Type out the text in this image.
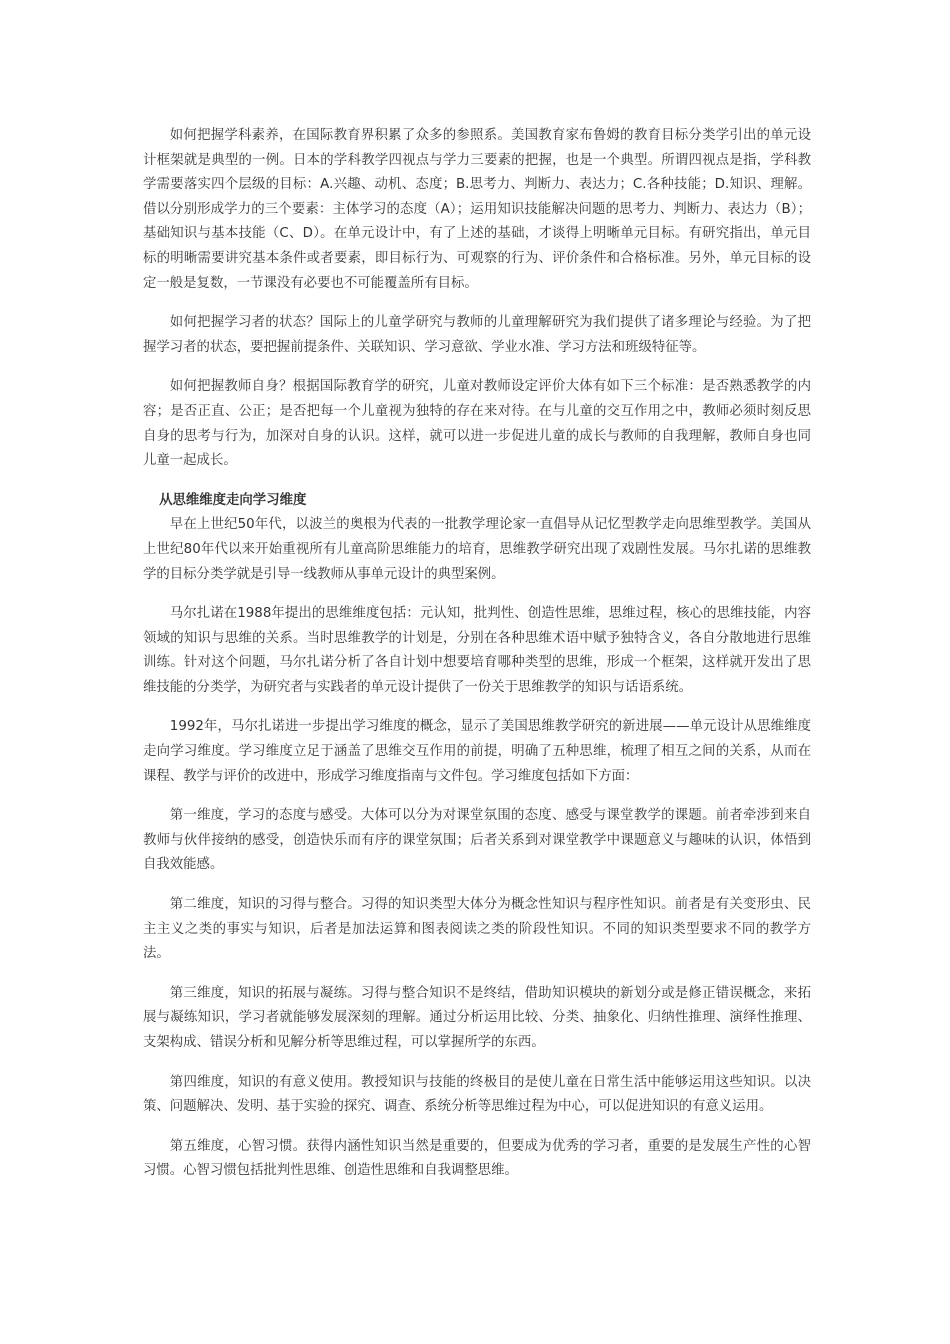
如何把握学科素养，在国际教育界积累了众多的参照系。美国教育家布鲁姆的教育目标分类学引出的单元设计框架就是典型的一例。日本的学科教学四视点与学力三要素的把握，也是一个典型。所谓四视点是指，学科教学需要落实四个层级的目标：A.兴趣、动机、态度；B.思考力、判断力、表达力；C.各种技能；D.知识、理解。借以分别形成学力的三个要素：主体学习的态度（A）；运用知识技能解决问题的思考力、判断力、表达力（B）；基础知识与基本技能（C、D）。在单元设计中，有了上述的基础，才谈得上明晰单元目标。有研究指出，单元目标的明晰需要讲究基本条件或者要素，即目标行为、可观察的行为、评价条件和合格标准。另外，单元目标的设定一般是复数，一节课没有必要也不可能覆盖所有目标。

如何把握学习者的状态？国际上的儿童学研究与教师的儿童理解研究为我们提供了诸多理论与经验。为了把握学习者的状态，要把握前提条件、关联知识、学习意欲、学业水准、学习方法和班级特征等。

如何把握教师自身？根据国际教育学的研究，儿童对教师设定评价大体有如下三个标准：是否熟悉教学的内容；是否正直、公正；是否把每一个儿童视为独特的存在来对待。在与儿童的交互作用之中，教师必须时刻反思自身的思考与行为，加深对自身的认识。这样，就可以进一步促进儿童的成长与教师的自我理解，教师自身也同儿童一起成长。

从思维维度走向学习维度

早在上世纪50年代，以波兰的奥根为代表的一批教学理论家一直倡导从记忆型教学走向思维型教学。美国从上世纪80年代以来开始重视所有儿童高阶思维能力的培育，思维教学研究出现了戏剧性发展。马尔扎诺的思维教学的目标分类学就是引导一线教师从事单元设计的典型案例。

马尔扎诺在1988年提出的思维维度包括：元认知，批判性、创造性思维，思维过程，核心的思维技能，内容领域的知识与思维的关系。当时思维教学的计划是，分别在各种思维术语中赋予独特含义，各自分散地进行思维训练。针对这个问题，马尔扎诺分析了各自计划中想要培育哪种类型的思维，形成一个框架，这样就开发出了思维技能的分类学，为研究者与实践者的单元设计提供了一份关于思维教学的知识与话语系统。

1992年，马尔扎诺进一步提出学习维度的概念，显示了美国思维教学研究的新进展——单元设计从思维维度走向学习维度。学习维度立足于涵盖了思维交互作用的前提，明确了五种思维，梳理了相互之间的关系，从而在课程、教学与评价的改进中，形成学习维度指南与文件包。学习维度包括如下方面：

第一维度，学习的态度与感受。大体可以分为对课堂氛围的态度、感受与课堂教学的课题。前者牵涉到来自教师与伙伴接纳的感受，创造快乐而有序的课堂氛围；后者关系到对课堂教学中课题意义与趣味的认识，体悟到自我效能感。

第二维度，知识的习得与整合。习得的知识类型大体分为概念性知识与程序性知识。前者是有关变形虫、民主主义之类的事实与知识，后者是加法运算和图表阅读之类的阶段性知识。不同的知识类型要求不同的教学方法。

第三维度，知识的拓展与凝练。习得与整合知识不是终结，借助知识模块的新划分或是修正错误概念，来拓展与凝练知识，学习者就能够发展深刻的理解。通过分析运用比较、分类、抽象化、归纳性推理、演绎性推理、支架构成、错误分析和见解分析等思维过程，可以掌握所学的东西。

第四维度，知识的有意义使用。教授知识与技能的终极目的是使儿童在日常生活中能够运用这些知识。以决策、问题解决、发明、基于实验的探究、调查、系统分析等思维过程为中心，可以促进知识的有意义运用。

第五维度，心智习惯。获得内涵性知识当然是重要的，但要成为优秀的学习者，重要的是发展生产性的心智习惯。心智习惯包括批判性思维、创造性思维和自我调整思维。
